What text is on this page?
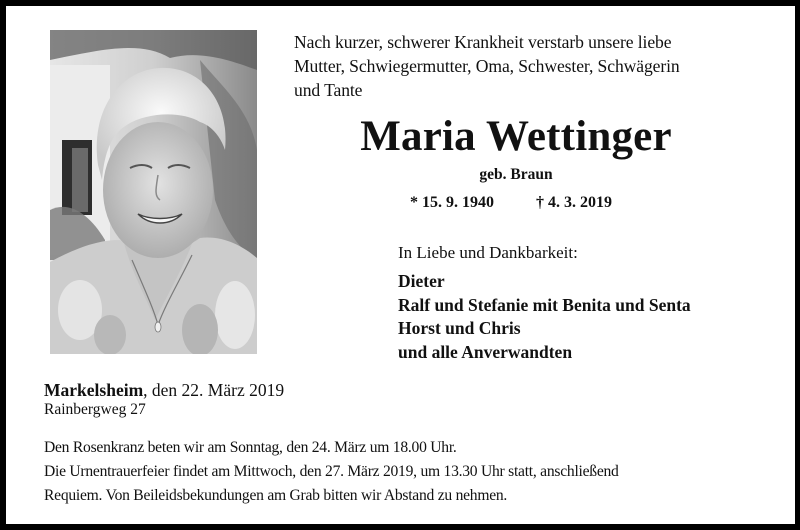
Nach kurzer, schwerer Krankheit verstarb unsere liebe
Mutter, Schwiegermutter, Oma, Schwester, Schwägerin
und Tante
Maria Wettinger
geb. Braun
* 15. 9. 1940	† 4. 3. 2019
In Liebe und Dankbarkeit:
Dieter
Ralf und Stefanie mit Benita und Senta
Horst und Chris
und alle Anverwandten
Markelsheim, den 22. März 2019
Rainbergweg 27

Den Rosenkranz beten wir am Sonntag, den 24. März um 18.00 Uhr.

Die Urnentrauerfeier findet am Mittwoch, den 27. März 2019, um 13.30 Uhr statt, anschließend

Requiem. Von Beileidsbekundungen am Grab bitten wir Abstand zu nehmen.
